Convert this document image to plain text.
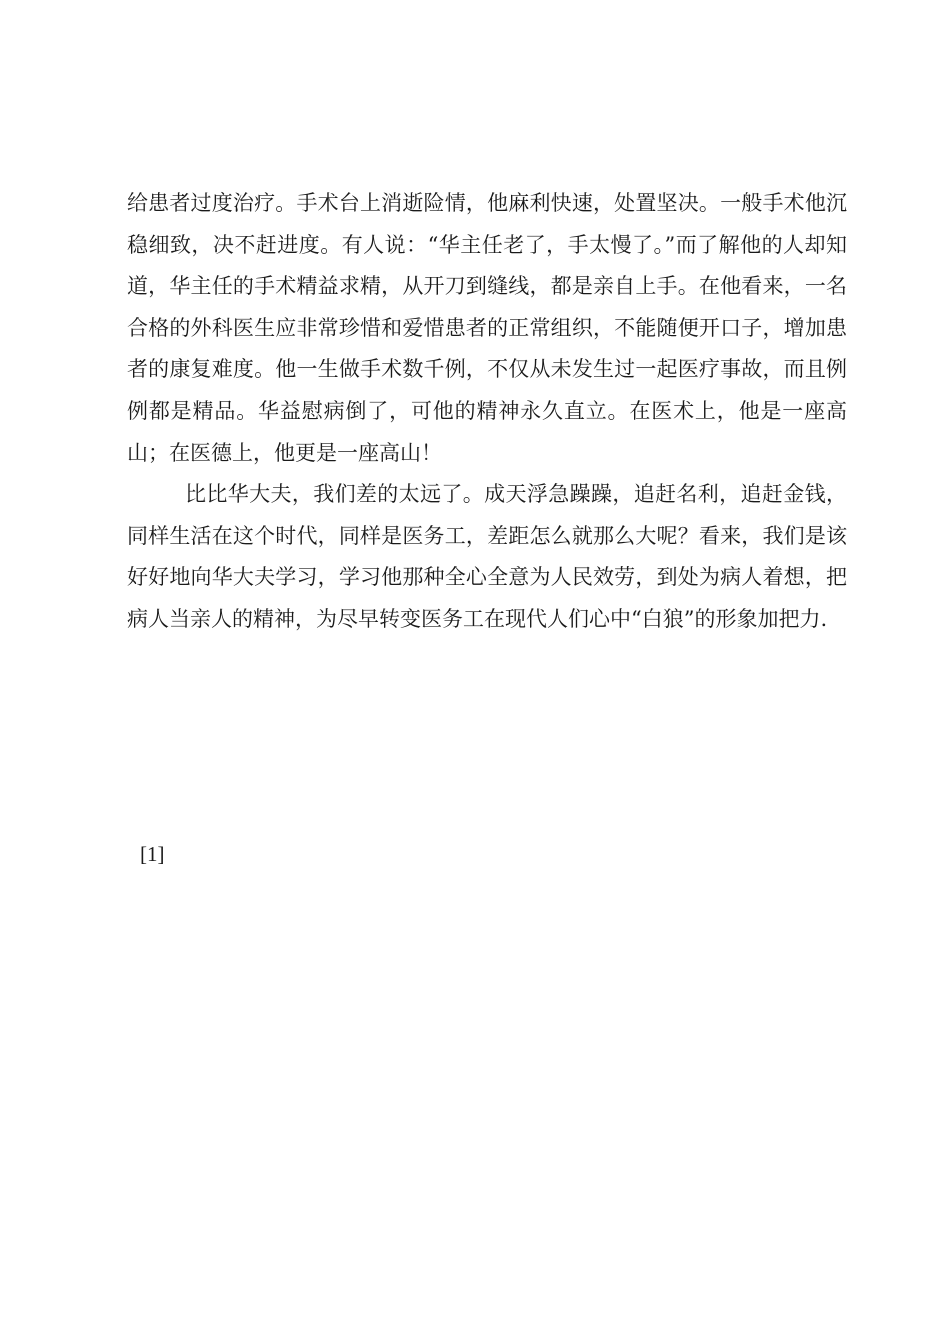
给患者过度治疗。手术台上消逝险情，他麻利快速，处置坚决。一般手术他沉稳细致，决不赶进度。有人说：“华主任老了，手太慢了。”而了解他的人却知道，华主任的手术精益求精，从开刀到缝线，都是亲自上手。在他看来，一名合格的外科医生应非常珍惜和爱惜患者的正常组织，不能随便开口子，增加患者的康复难度。他一生做手术数千例，不仅从未发生过一起医疗事故，而且例例都是精品。华益慰病倒了，可他的精神永久直立。在医术上，他是一座高山；在医德上，他更是一座高山！

比比华大夫，我们差的太远了。成天浮急躁躁，追赶名利，追赶金钱，同样生活在这个时代，同样是医务工，差距怎么就那么大呢？看来，我们是该好好地向华大夫学习，学习他那种全心全意为人民效劳，到处为病人着想，把病人当亲人的精神，为尽早转变医务工在现代人们心中“白狼”的形象加把力.

[1]
